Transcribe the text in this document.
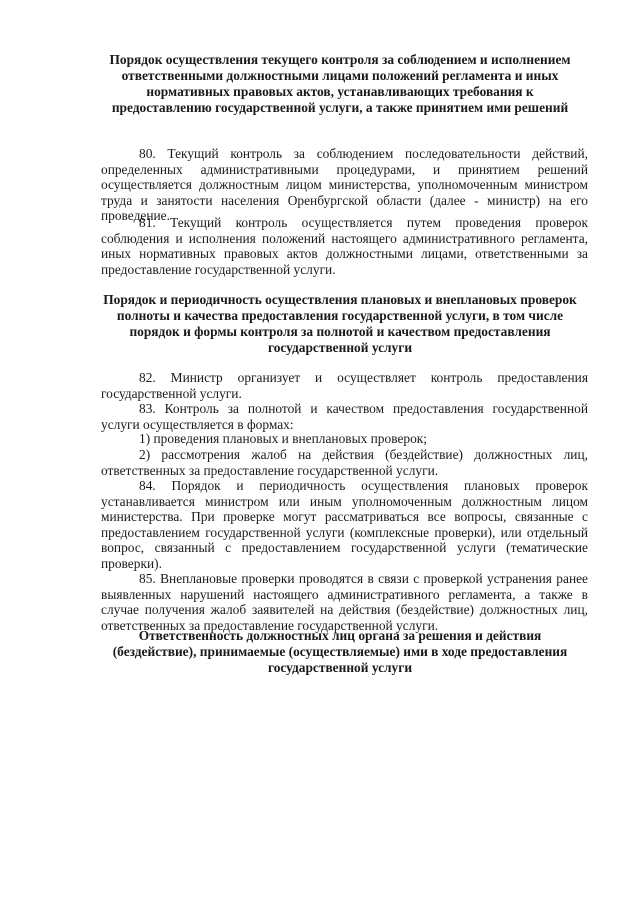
Порядок осуществления текущего контроля за соблюдением и исполнением ответственными должностными лицами положений регламента и иных нормативных правовых актов, устанавливающих требования к предоставлению государственной услуги, а также принятием ими решений
80. Текущий контроль за соблюдением последовательности действий, определенных административными процедурами, и принятием решений осуществляется должностным лицом министерства, уполномоченным министром труда и занятости населения Оренбургской области (далее - министр) на его проведение.
81. Текущий контроль осуществляется путем проведения проверок соблюдения и исполнения положений настоящего административного регламента, иных нормативных правовых актов должностными лицами, ответственными за предоставление государственной услуги.
Порядок и периодичность осуществления плановых и внеплановых проверок полноты и качества предоставления государственной услуги, в том числе порядок и формы контроля за полнотой и качеством предоставления государственной услуги
82. Министр организует и осуществляет контроль предоставления государственной услуги.
83. Контроль за полнотой и качеством предоставления государственной услуги осуществляется в формах:
1) проведения плановых и внеплановых проверок;
2) рассмотрения жалоб на действия (бездействие) должностных лиц, ответственных за предоставление государственной услуги.
84. Порядок и периодичность осуществления плановых проверок устанавливается министром или иным уполномоченным должностным лицом министерства. При проверке могут рассматриваться все вопросы, связанные с предоставлением государственной услуги (комплексные проверки), или отдельный вопрос, связанный с предоставлением государственной услуги (тематические проверки).
85. Внеплановые проверки проводятся в связи с проверкой устранения ранее выявленных нарушений настоящего административного регламента, а также в случае получения жалоб заявителей на действия (бездействие) должностных лиц, ответственных за предоставление государственной услуги.
Ответственность должностных лиц органа за решения и действия (бездействие), принимаемые (осуществляемые) ими в ходе предоставления государственной услуги
